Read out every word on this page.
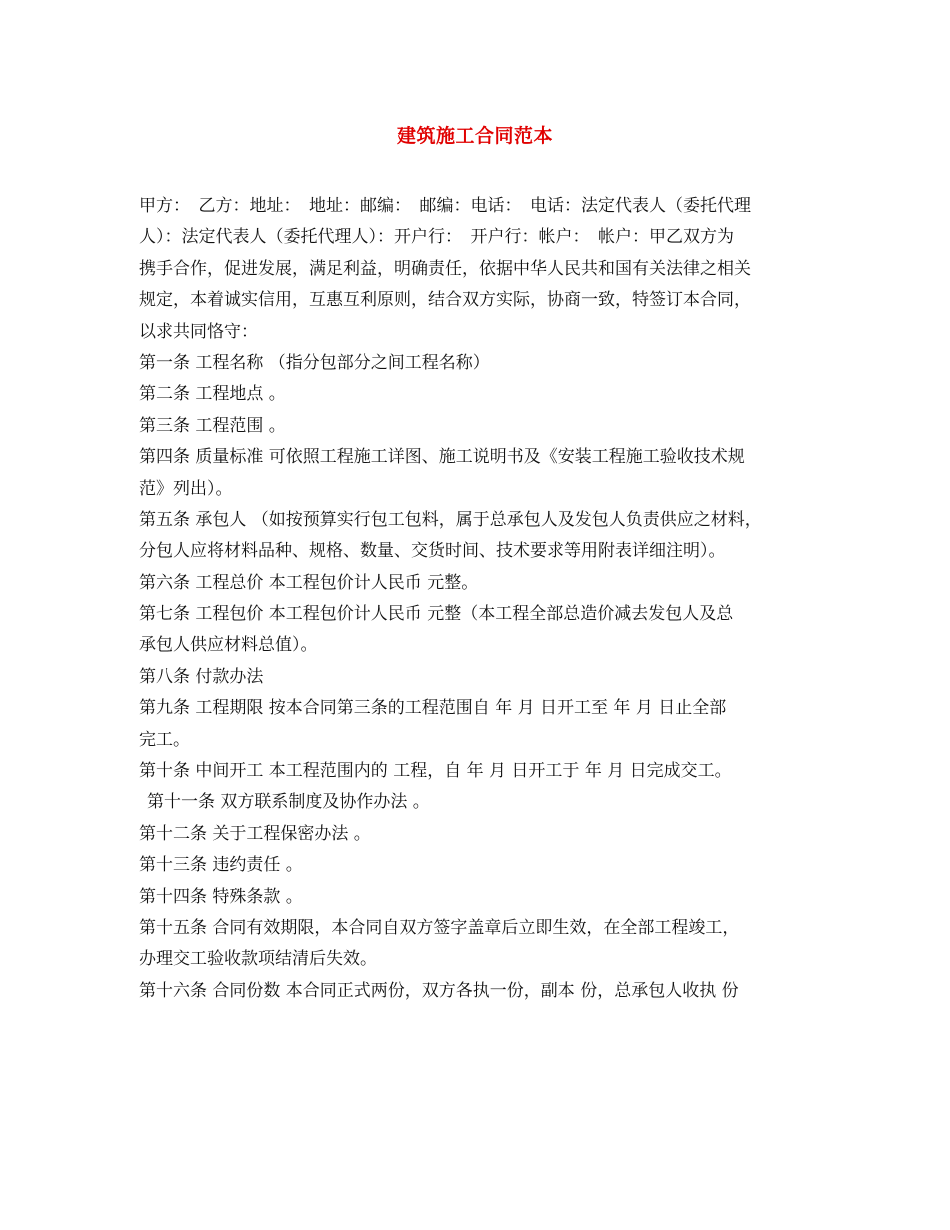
建筑施工合同范本
甲方：　乙方：地址：　地址：邮编：　邮编：电话：　电话：法定代表人（委托代理
人）：法定代表人（委托代理人）：开户行：　开户行：帐户：　帐户：甲乙双方为
携手合作，促进发展，满足利益，明确责任，依据中华人民共和国有关法律之相关
规定，本着诚实信用，互惠互利原则，结合双方实际，协商一致，特签订本合同，
以求共同恪守：
第一条 工程名称 （指分包部分之间工程名称）
第二条 工程地点 。
第三条 工程范围 。
第四条 质量标准 可依照工程施工详图、施工说明书及《安装工程施工验收技术规
范》列出）。
第五条 承包人 （如按预算实行包工包料，属于总承包人及发包人负责供应之材料，
分包人应将材料品种、规格、数量、交货时间、技术要求等用附表详细注明）。
第六条 工程总价 本工程包价计人民币 元整。
第七条 工程包价 本工程包价计人民币 元整（本工程全部总造价减去发包人及总
承包人供应材料总值）。
第八条 付款办法
第九条 工程期限 按本合同第三条的工程范围自 年 月 日开工至 年 月 日止全部
完工。
第十条 中间开工 本工程范围内的 工程，自 年 月 日开工于 年 月 日完成交工。
第十一条 双方联系制度及协作办法 。
第十二条 关于工程保密办法 。
第十三条 违约责任 。
第十四条 特殊条款 。
第十五条 合同有效期限，本合同自双方签字盖章后立即生效，在全部工程竣工，
办理交工验收款项结清后失效。
第十六条 合同份数 本合同正式两份，双方各执一份，副本 份，总承包人收执 份
